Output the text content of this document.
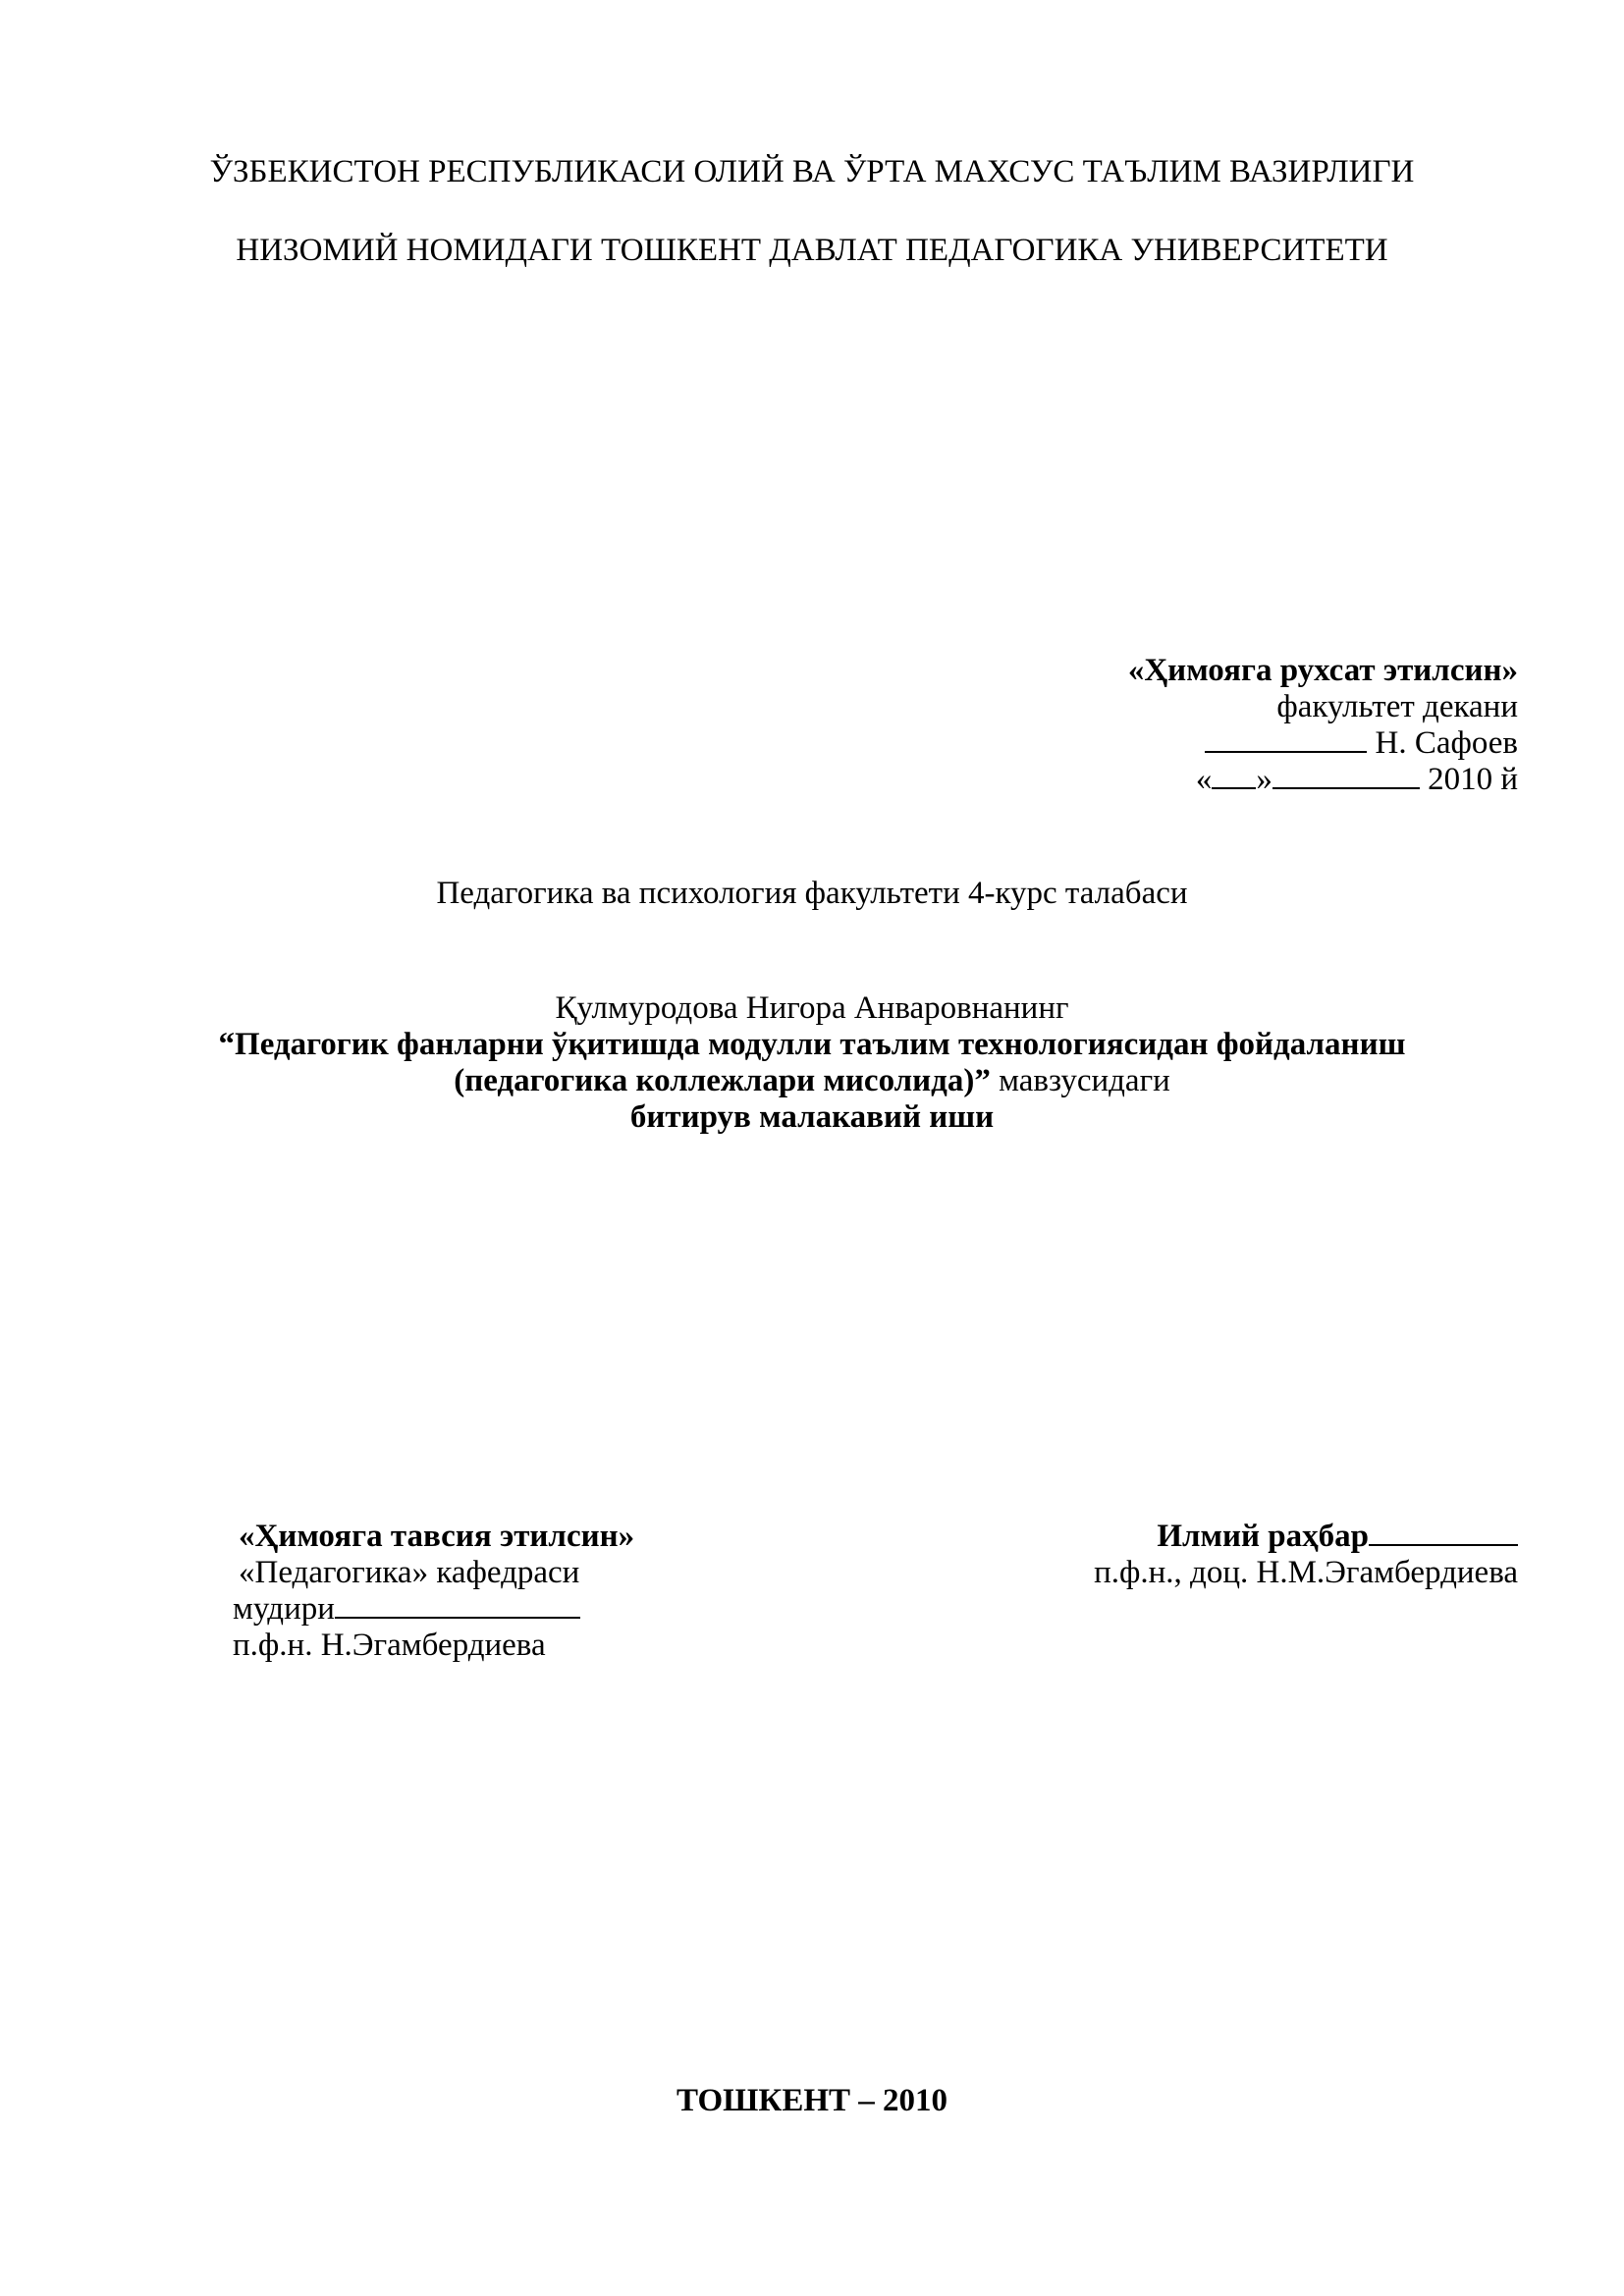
ЎЗБЕКИСТОН РЕСПУБЛИКАСИ ОЛИЙ ВА ЎРТА МАХСУС ТАЪЛИМ ВАЗИРЛИГИ
НИЗОМИЙ НОМИДАГИ ТОШКЕНТ ДАВЛАТ ПЕДАГОГИКА УНИВЕРСИТЕТИ
«Ҳимояга рухсат этилсин»
факультет декани
Н. Сафоев
« »	2010 й
Педагогика ва психология факультети 4-курс талабаси
Қулмуродова Нигора Анваровнанинг
“Педагогик фанларни ўқитишда модулли таълим технологиясидан фойдаланиш
(педагогика коллежлари мисолида)” мавзусидаги
битирув малакавий иши
«Ҳимояга тавсия этилсин»
«Педагогика» кафедраси
мудири
п.ф.н. Н.Эгамбердиева
Илмий раҳбар
п.ф.н., доц. Н.М.Эгамбердиева
ТОШКЕНТ – 2010
